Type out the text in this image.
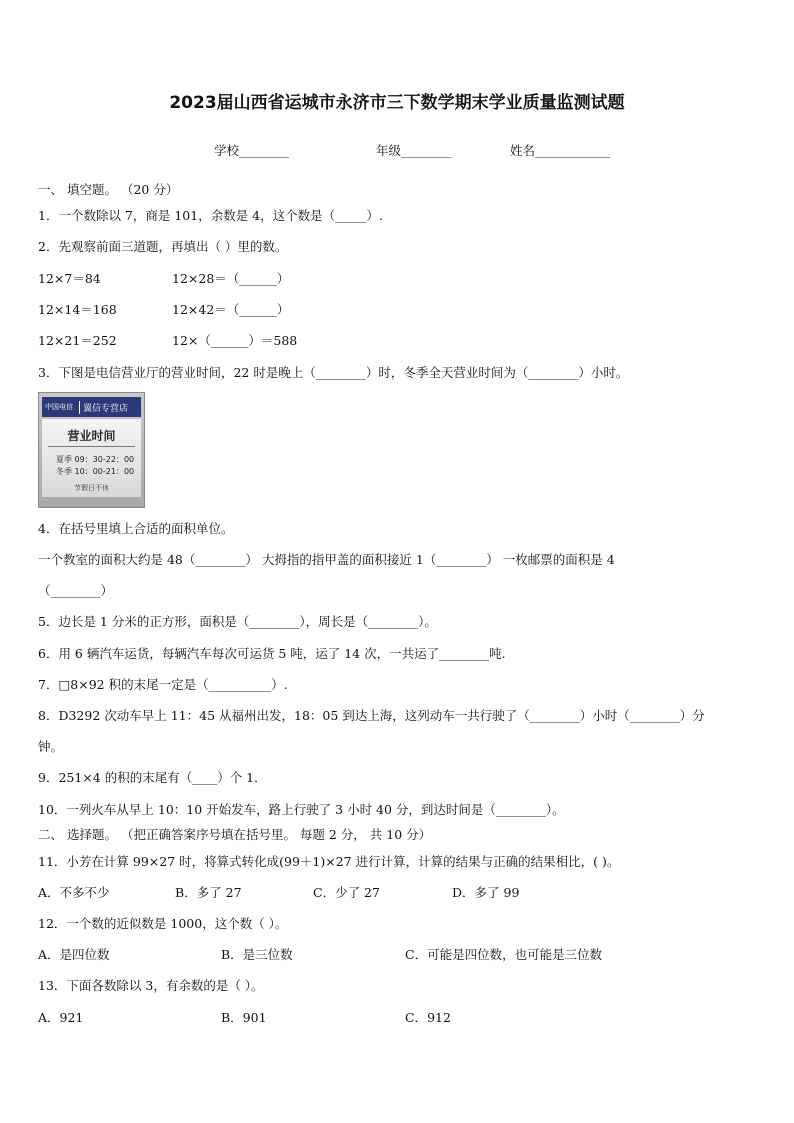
2023届山西省运城市永济市三下数学期末学业质量监测试题
学校________	年级________	姓名____________
一、 填空题。 （20 分）
1．一个数除以 7，商是 101，余数是 4，这个数是（_____）.
2．先观察前面三道题，再填出（ ）里的数。
12×7＝84	12×28＝（______）
12×14＝168	12×42＝（______）
12×21＝252	12×（______）＝588
3．下图是电信营业厅的营业时间，22 时是晚上（________）时，冬季全天营业时间为（________）小时。
中国电信	翼信专营店
营业时间
夏季 09：30-22：00
冬季 10：00-21：00
节假日不休
4．在括号里填上合适的面积单位。
一个教室的面积大约是 48（________） 大拇指的指甲盖的面积接近 1（________） 一枚邮票的面积是 4
（________）
5．边长是 1 分米的正方形，面积是（________），周长是（________）。
6．用 6 辆汽车运货，每辆汽车每次可运货 5 吨，运了 14 次，一共运了________吨.
7．□8×92 积的末尾一定是（__________）.
8．D3292 次动车早上 11：45 从福州出发，18：05 到达上海，这列动车一共行驶了（________）小时（________）分
钟。
9．251×4 的积的末尾有（____）个 1．
10．一列火车从早上 10：10 开始发车，路上行驶了 3 小时 40 分，到达时间是（________）。
二、 选择题。 （把正确答案序号填在括号里。 每题 2 分， 共 10 分）
11．小芳在计算 99×27 时，将算式转化成(99＋1)×27 进行计算，计算的结果与正确的结果相比，( )。
A．不多不少	B．多了 27	C．少了 27	D．多了 99
12．一个数的近似数是 1000，这个数（ ）。
A．是四位数	B．是三位数	C．可能是四位数，也可能是三位数
13．下面各数除以 3，有余数的是（ ）。
A．921	B．901	C．912
